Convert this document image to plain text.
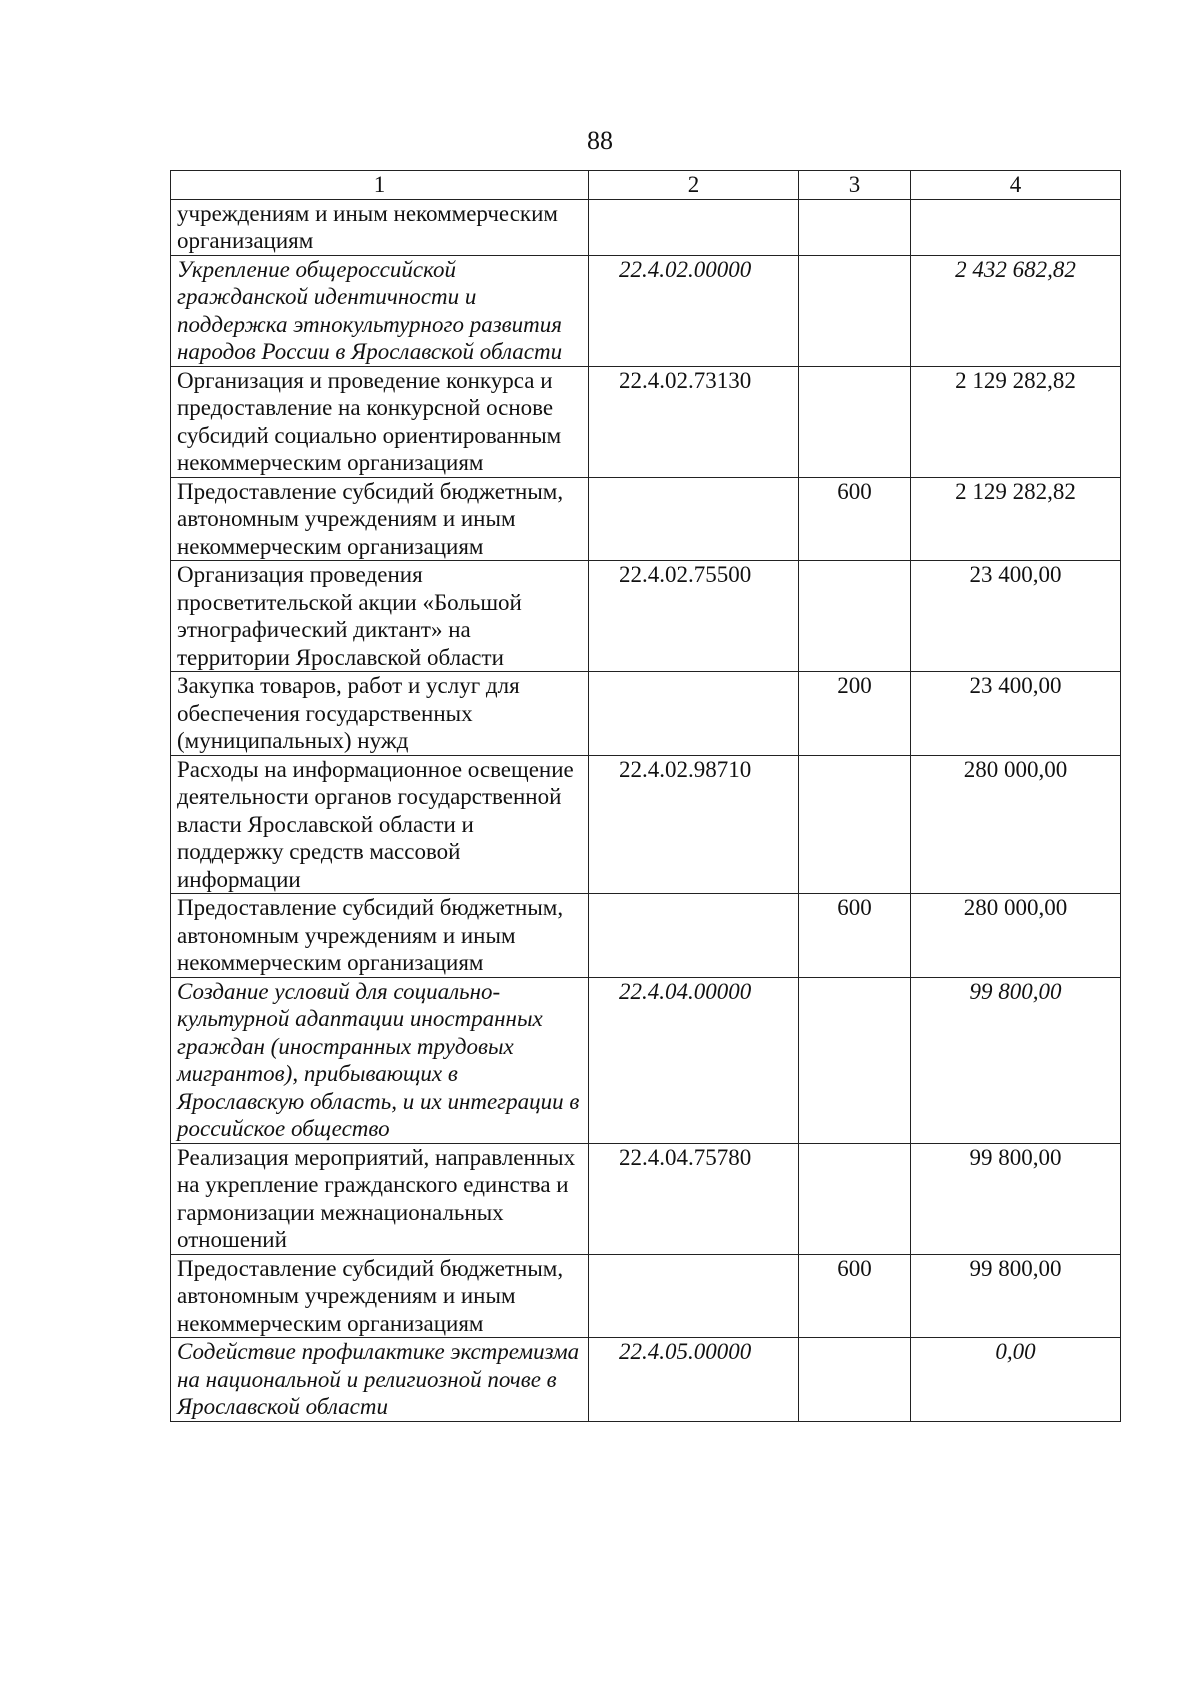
88
1	2	3	4
учреждениям и иным некоммерческим организациям			
Укрепление общероссийской гражданской идентичности и поддержка этнокультурного развития народов России в Ярославской области	22.4.02.00000		2 432 682,82
Организация и проведение конкурса и предоставление на конкурсной основе субсидий социально ориентированным некоммерческим организациям	22.4.02.73130		2 129 282,82
Предоставление субсидий бюджетным, автономным учреждениям и иным некоммерческим организациям		600	2 129 282,82
Организация проведения просветительской акции «Большой этнографический диктант» на территории Ярославской области	22.4.02.75500		23 400,00
Закупка товаров, работ и услуг для обеспечения государственных (муниципальных) нужд		200	23 400,00
Расходы на информационное освещение деятельности органов государственной власти Ярославской области и поддержку средств массовой информации	22.4.02.98710		280 000,00
Предоставление субсидий бюджетным, автономным учреждениям и иным некоммерческим организациям		600	280 000,00
Создание условий для социально-культурной адаптации иностранных граждан (иностранных трудовых мигрантов), прибывающих в Ярославскую область, и их интеграции в российское общество	22.4.04.00000		99 800,00
Реализация мероприятий, направленных на укрепление гражданского единства и гармонизации межнациональных отношений	22.4.04.75780		99 800,00
Предоставление субсидий бюджетным, автономным учреждениям и иным некоммерческим организациям		600	99 800,00
Содействие профилактике экстремизма на национальной и религиозной почве в Ярославской области	22.4.05.00000		0,00
